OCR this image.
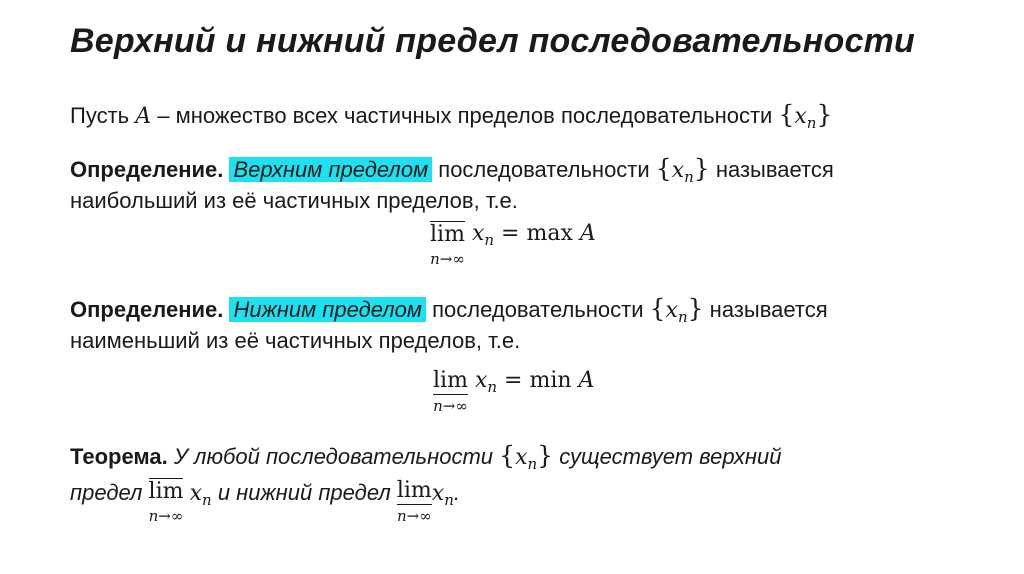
Верхний и нижний предел последовательности
Пусть A – множество всех частичных пределов последовательности $\{x_n\}$
Определение. Верхним пределом последовательности $\{x_n\}$ называется
наибольший из её частичных пределов, т.е.
lim
n→∞
$x_n = \max A$
Определение. Нижним пределом последовательности $\{x_n\}$ называется
наименьший из её частичных пределов, т.е.
lim
n→∞
$x_n = \min A$
Теорема. У любой последовательности $\{x_n\}$ существует верхний
предел lim
n→∞
$x_n$ и нижний предел lim
n→∞
$x_n$.
